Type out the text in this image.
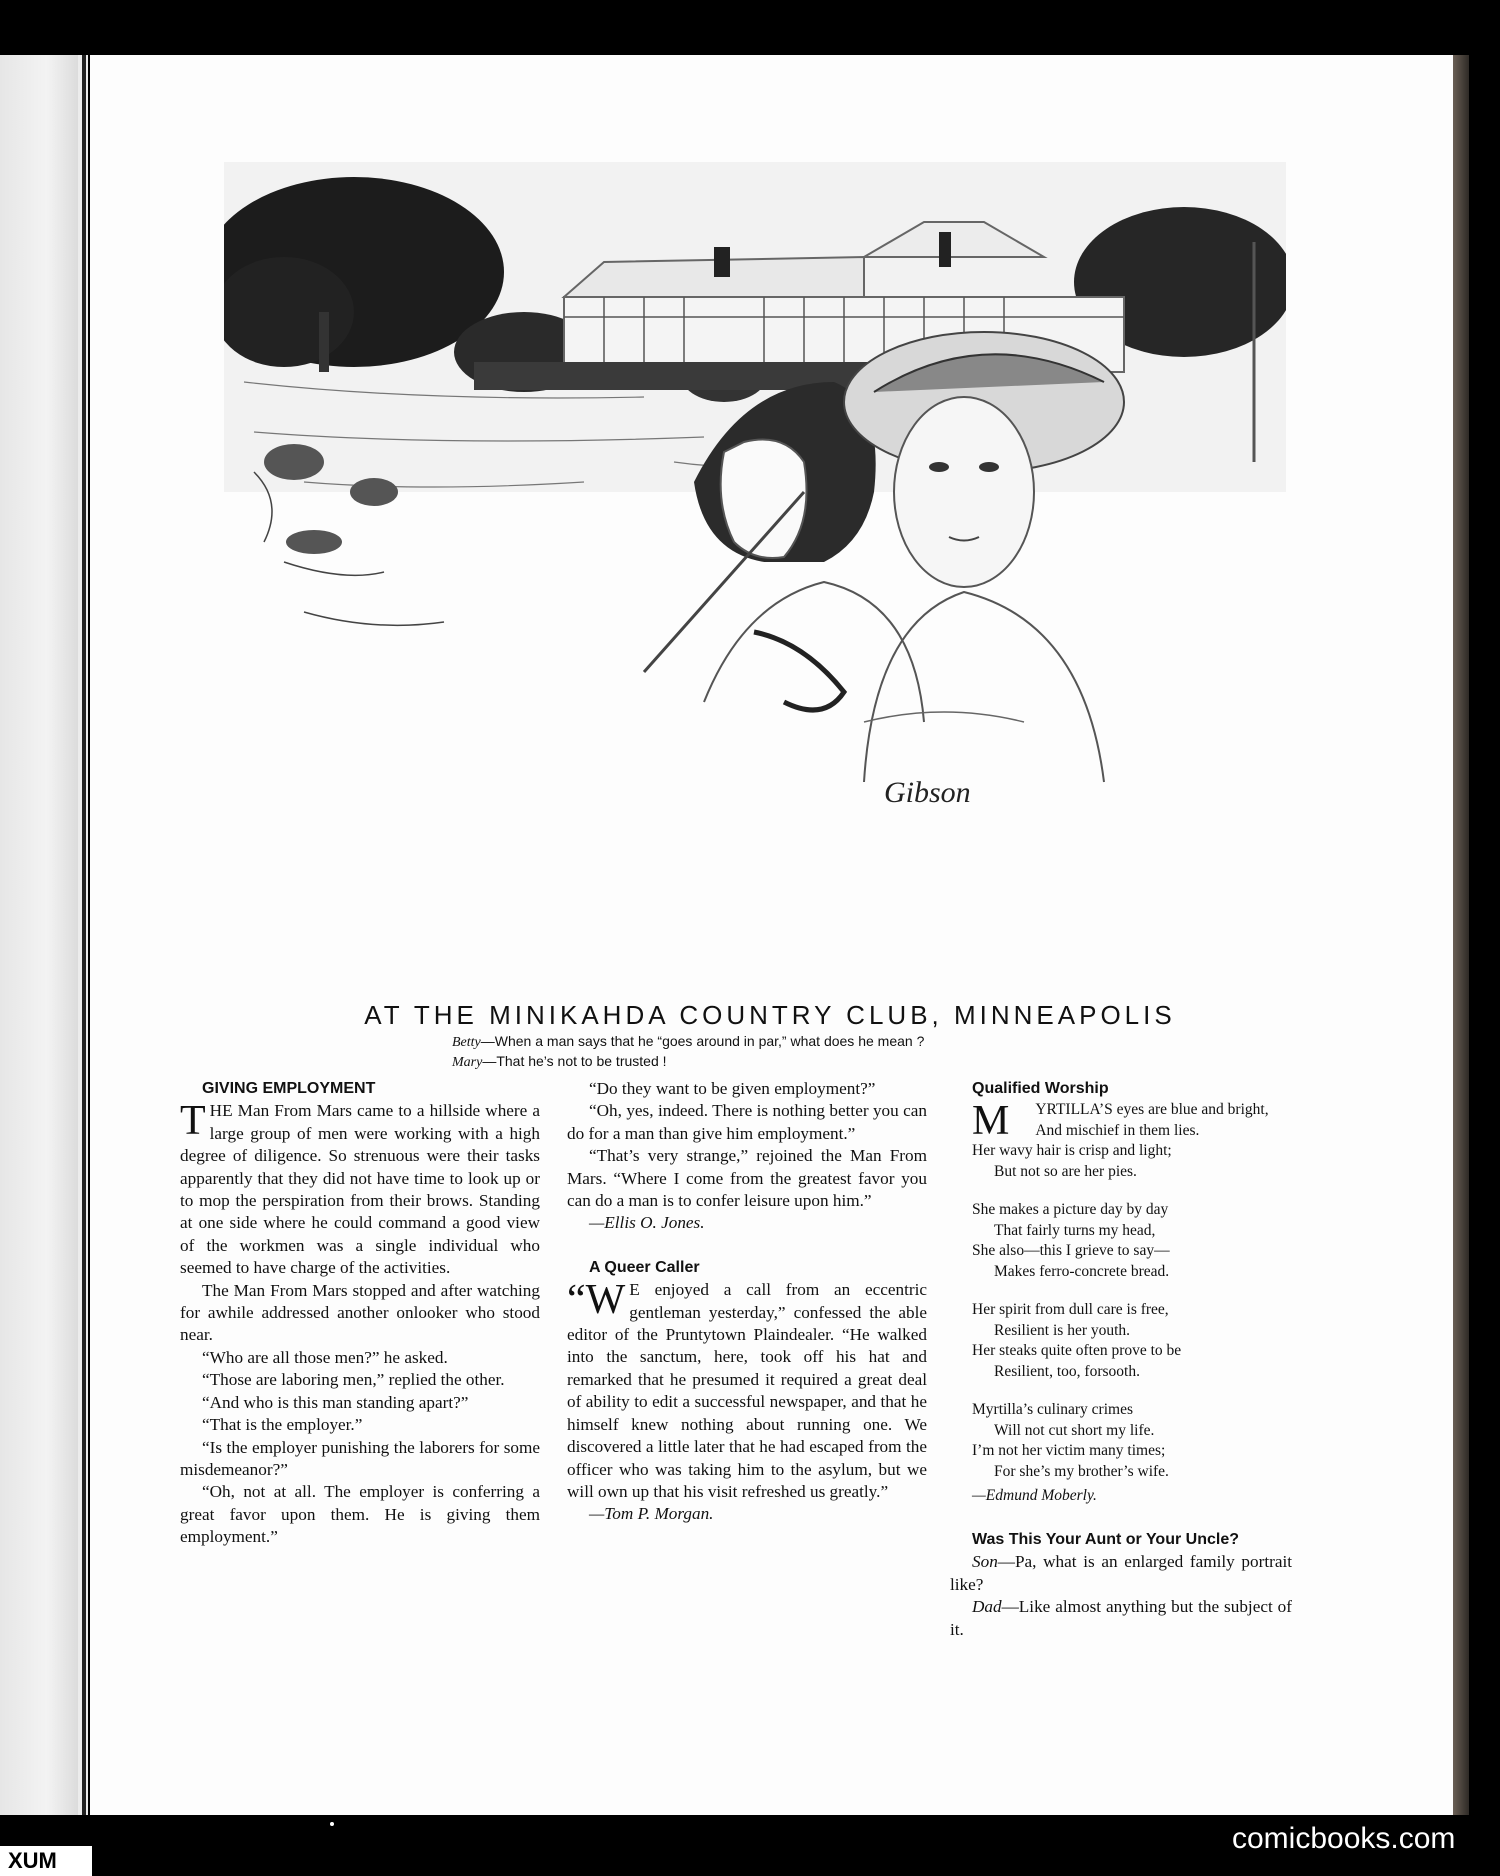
Gibson
AT THE MINIKAHDA COUNTRY CLUB, MINNEAPOLIS
Betty—When a man says that he “goes around in par,” what does he mean ?
Mary—That he’s not to be trusted !

GIVING EMPLOYMENT

THE Man From Mars came to a hillside where a large group of men were working with a high degree of diligence. So strenuous were their tasks apparently that they did not have time to look up or to mop the perspiration from their brows. Standing at one side where he could command a good view of the workmen was a single individual who seemed to have charge of the activities.

The Man From Mars stopped and after watching for awhile addressed another onlooker who stood near.

“Who are all those men?” he asked.

“Those are laboring men,” replied the other.

“And who is this man standing apart?”

“That is the employer.”

“Is the employer punishing the laborers for some misdemeanor?”

“Oh, not at all. The employer is conferring a great favor upon them. He is giving them employment.”

“Do they want to be given employment?”

“Oh, yes, indeed. There is nothing better you can do for a man than give him employment.”

“That’s very strange,” rejoined the Man From Mars. “Where I come from the greatest favor you can do a man is to confer leisure upon him.”

—Ellis O. Jones.

A Queer Caller

“W E enjoyed a call from an eccentric gentleman yesterday,” confessed the able editor of the Pruntytown Plaindealer. “He walked into the sanctum, here, took off his hat and remarked that he presumed it required a great deal of ability to edit a successful newspaper, and that he himself knew nothing about running one. We discovered a little later that he had escaped from the officer who was taking him to the asylum, but we will own up that his visit refreshed us greatly.”

—Tom P. Morgan.

Qualified Worship

M YRTILLA’S eyes are blue and bright,

And mischief in them lies.

Her wavy hair is crisp and light;

But not so are her pies.

She makes a picture day by day

That fairly turns my head,

She also—this I grieve to say—

Makes ferro-concrete bread.

Her spirit from dull care is free,

Resilient is her youth.

Her steaks quite often prove to be

Resilient, too, forsooth.

Myrtilla’s culinary crimes

Will not cut short my life.

I’m not her victim many times;

For she’s my brother’s wife.

—Edmund Moberly.

Was This Your Aunt or Your Uncle?

Son—Pa, what is an enlarged family portrait like?

Dad—Like almost anything but the subject of it.

XUM
comicbooks.com
